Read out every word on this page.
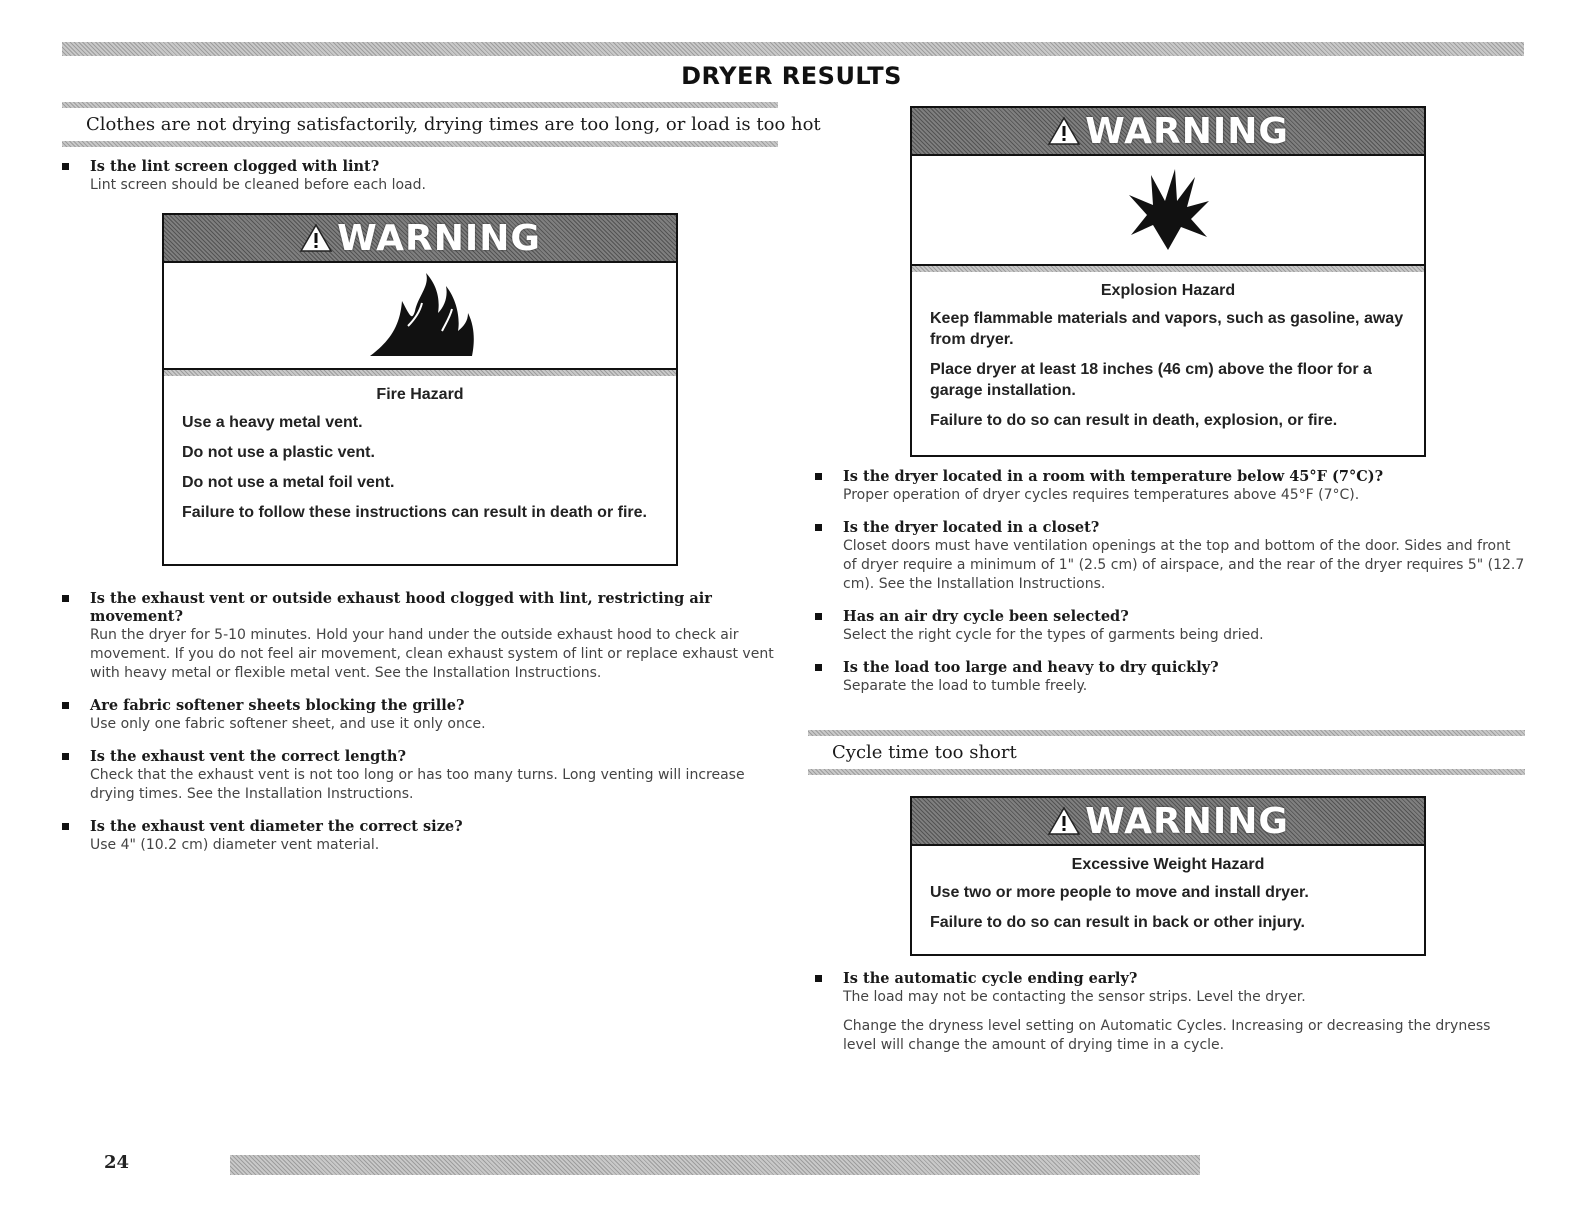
DRYER RESULTS
Clothes are not drying satisfactorily, drying times are too long, or load is too hot
Is the lint screen clogged with lint?
Lint screen should be cleaned before each load.
WARNING
Fire Hazard
Use a heavy metal vent.
Do not use a plastic vent.
Do not use a metal foil vent.
Failure to follow these instructions can result in death or fire.
Is the exhaust vent or outside exhaust hood clogged with lint, restricting air movement?
Run the dryer for 5-10 minutes. Hold your hand under the outside exhaust hood to check air movement. If you do not feel air movement, clean exhaust system of lint or replace exhaust vent with heavy metal or flexible metal vent. See the Installation Instructions.
Are fabric softener sheets blocking the grille?
Use only one fabric softener sheet, and use it only once.
Is the exhaust vent the correct length?
Check that the exhaust vent is not too long or has too many turns. Long venting will increase drying times. See the Installation Instructions.
Is the exhaust vent diameter the correct size?
Use 4" (10.2 cm) diameter vent material.
WARNING
Explosion Hazard
Keep flammable materials and vapors, such as gasoline, away from dryer.
Place dryer at least 18 inches (46 cm) above the floor for a garage installation.
Failure to do so can result in death, explosion, or fire.
Is the dryer located in a room with temperature below 45°F (7°C)?
Proper operation of dryer cycles requires temperatures above 45°F (7°C).
Is the dryer located in a closet?
Closet doors must have ventilation openings at the top and bottom of the door. Sides and front of dryer require a minimum of 1" (2.5 cm) of airspace, and the rear of the dryer requires 5" (12.7 cm). See the Installation Instructions.
Has an air dry cycle been selected?
Select the right cycle for the types of garments being dried.
Is the load too large and heavy to dry quickly?
Separate the load to tumble freely.
Cycle time too short
WARNING
Excessive Weight Hazard
Use two or more people to move and install dryer.
Failure to do so can result in back or other injury.
Is the automatic cycle ending early?
The load may not be contacting the sensor strips. Level the dryer.
Change the dryness level setting on Automatic Cycles. Increasing or decreasing the dryness level will change the amount of drying time in a cycle.
24
